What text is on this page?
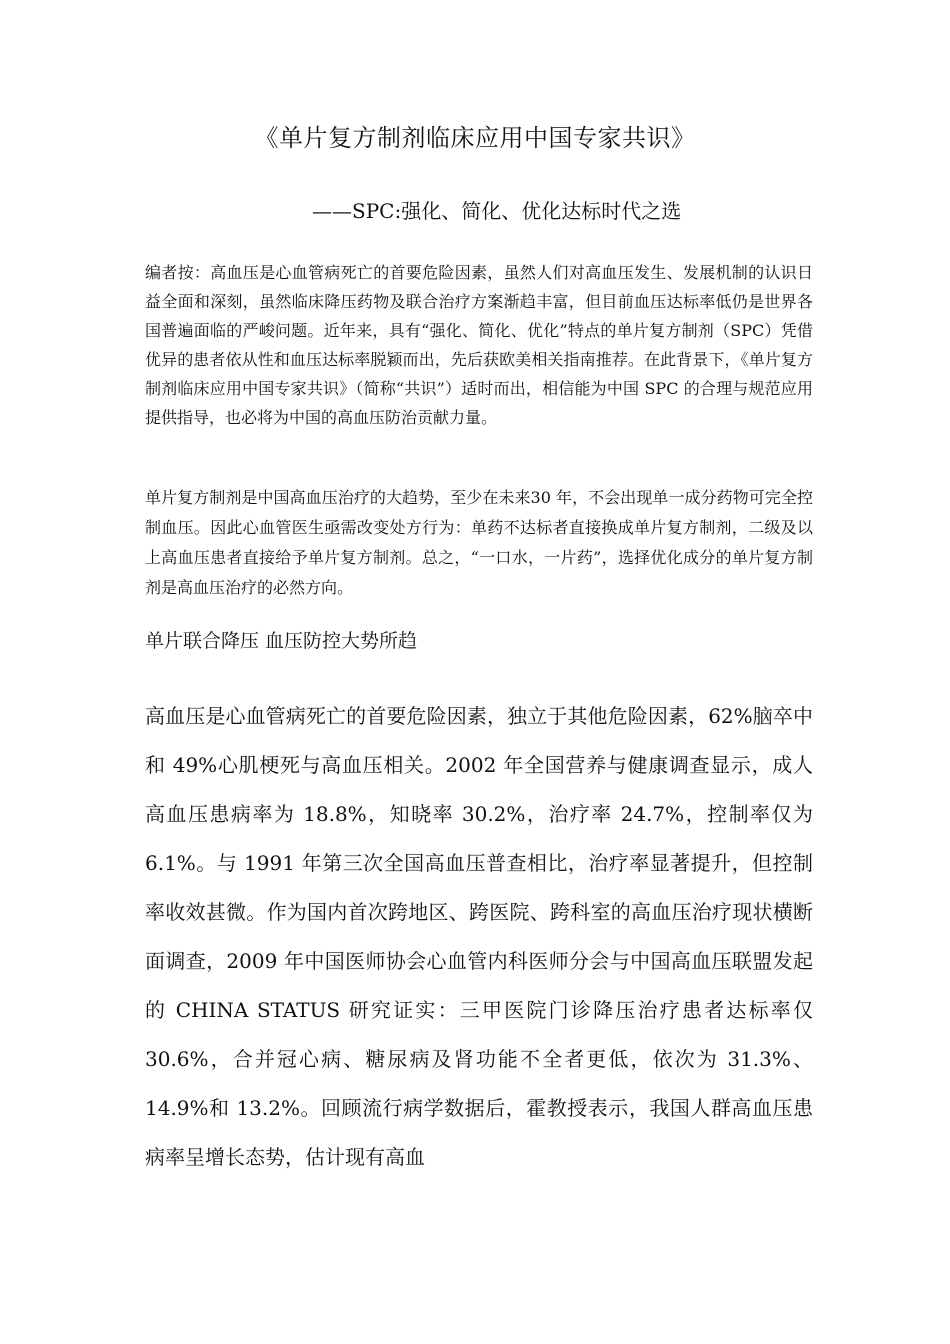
《单片复方制剂临床应用中国专家共识》
——SPC:强化、简化、优化达标时代之选

编者按：高血压是心血管病死亡的首要危险因素，虽然人们对高血压发生、发展机制的认识日益全面和深刻，虽然临床降压药物及联合治疗方案渐趋丰富，但目前血压达标率低仍是世界各国普遍面临的严峻问题。近年来，具有“强化、简化、优化”特点的单片复方制剂（SPC）凭借优异的患者依从性和血压达标率脱颖而出，先后获欧美相关指南推荐。在此背景下，《单片复方制剂临床应用中国专家共识》（简称“共识”）适时而出，相信能为中国 SPC 的合理与规范应用提供指导，也必将为中国的高血压防治贡献力量。

单片复方制剂是中国高血压治疗的大趋势，至少在未来30 年，不会出现单一成分药物可完全控制血压。因此心血管医生亟需改变处方行为：单药不达标者直接换成单片复方制剂，二级及以上高血压患者直接给予单片复方制剂。总之，“一口水，一片药”，选择优化成分的单片复方制剂是高血压治疗的必然方向。

单片联合降压 血压防控大势所趋

高血压是心血管病死亡的首要危险因素，独立于其他危险因素，62%脑卒中和 49%心肌梗死与高血压相关。2002 年全国营养与健康调查显示，成人高血压患病率为 18.8%，知晓率 30.2%，治疗率 24.7%，控制率仅为 6.1%。与 1991 年第三次全国高血压普查相比，治疗率显著提升，但控制率收效甚微。作为国内首次跨地区、跨医院、跨科室的高血压治疗现状横断面调查，2009 年中国医师协会心血管内科医师分会与中国高血压联盟发起的 CHINA STATUS 研究证实：三甲医院门诊降压治疗患者达标率仅 30.6%，合并冠心病、糖尿病及肾功能不全者更低，依次为 31.3%、14.9%和 13.2%。回顾流行病学数据后，霍教授表示，我国人群高血压患病率呈增长态势，估计现有高血
